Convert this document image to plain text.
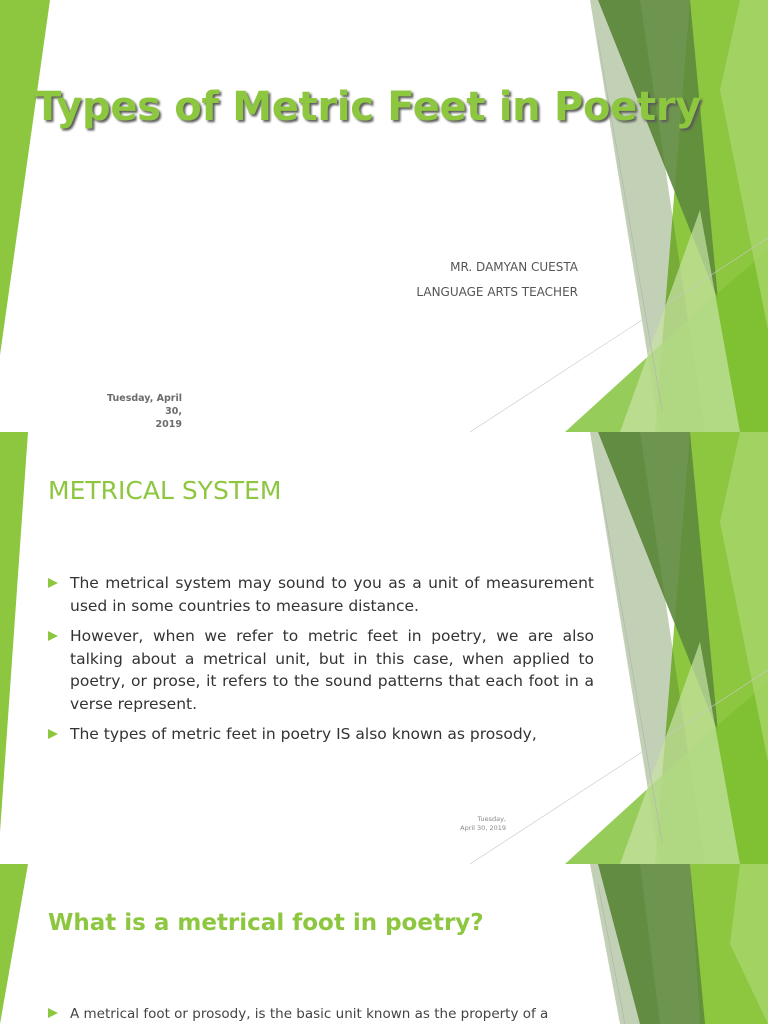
Types of Metric Feet in Poetry
MR. DAMYAN CUESTA
LANGUAGE ARTS TEACHER
Tuesday, April 30,
2019
METRICAL SYSTEM
The metrical system may sound to you as a unit of measurement used in some countries to measure distance.
However, when we refer to metric feet in poetry, we are also talking about a metrical unit, but in this case, when applied to poetry, or prose, it refers to the sound patterns that each foot in a verse represent.
The types of metric feet in poetry IS also known as prosody,
Tuesday,
April 30, 2019
What is a metrical foot in poetry?
A metrical foot or prosody, is the basic unit known as the property of a
